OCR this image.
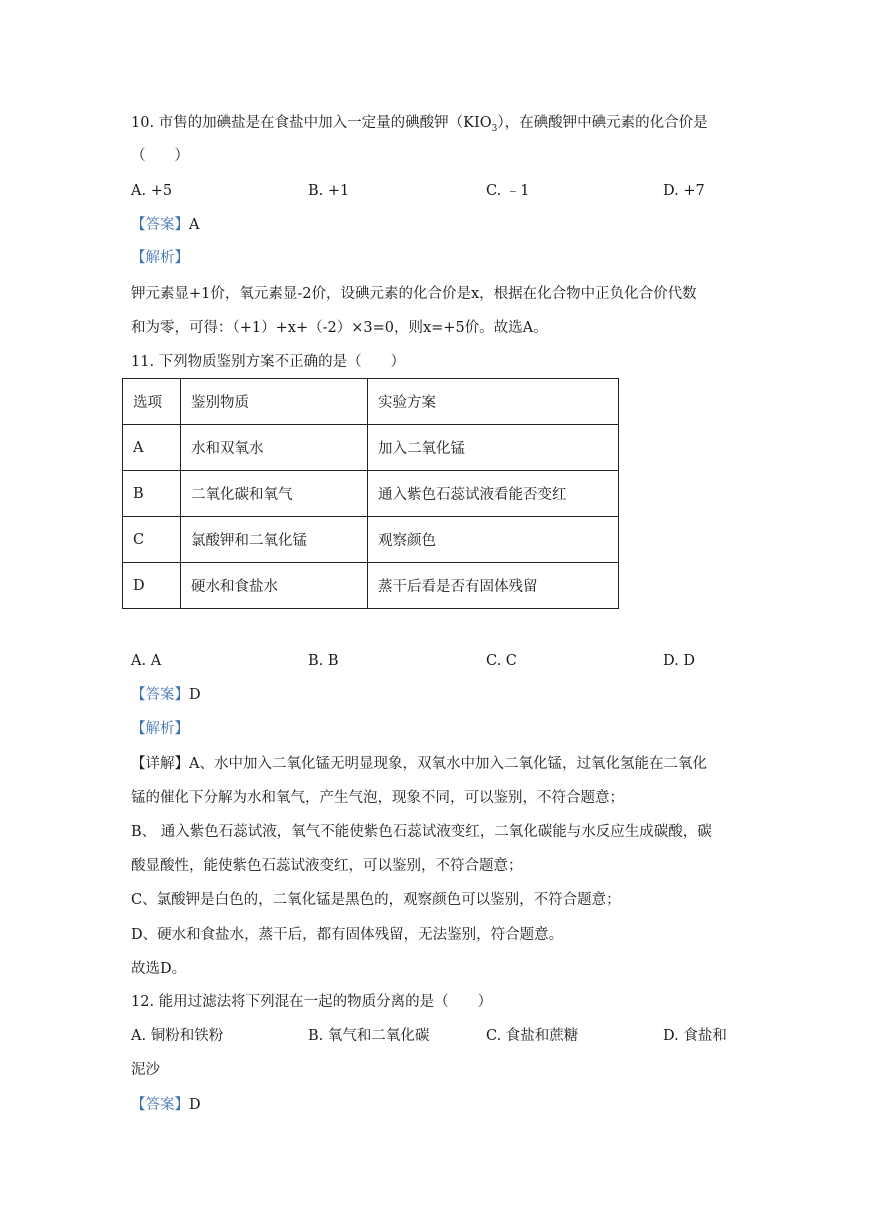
10. 市售的加碘盐是在食盐中加入一定量的碘酸钾$(KIO_3)$，在碘酸钾中碘元素的化合价是
（　　）
A. +5	B. +1	C. ﹣1	D. +7
【答案】A
【解析】
钾元素显+1价，氧元素显-2价，设碘元素的化合价是x，根据在化合物中正负化合价代数
和为零，可得：（+1）+x+（-2）×3=0，则x=+5价。故选A。
11. 下列物质鉴别方案不正确的是（　　）
选项	鉴别物质	实验方案
A	水和双氧水	加入二氧化锰
B	二氧化碳和氧气	通入紫色石蕊试液看能否变红
C	氯酸钾和二氧化锰	观察颜色
D	硬水和食盐水	蒸干后看是否有固体残留
A. A	B. B	C. C	D. D
【答案】D
【解析】
【详解】A、水中加入二氧化锰无明显现象，双氧水中加入二氧化锰，过氧化氢能在二氧化
锰的催化下分解为水和氧气，产生气泡，现象不同，可以鉴别，不符合题意；
B、 通入紫色石蕊试液，氧气不能使紫色石蕊试液变红，二氧化碳能与水反应生成碳酸，碳
酸显酸性，能使紫色石蕊试液变红，可以鉴别，不符合题意；
C、氯酸钾是白色的，二氧化锰是黑色的，观察颜色可以鉴别，不符合题意；
D、硬水和食盐水，蒸干后，都有固体残留，无法鉴别，符合题意。
故选D。
12. 能用过滤法将下列混在一起的物质分离的是（　　）
A. 铜粉和铁粉	B. 氧气和二氧化碳	C. 食盐和蔗糖	D. 食盐和
泥沙
【答案】D
